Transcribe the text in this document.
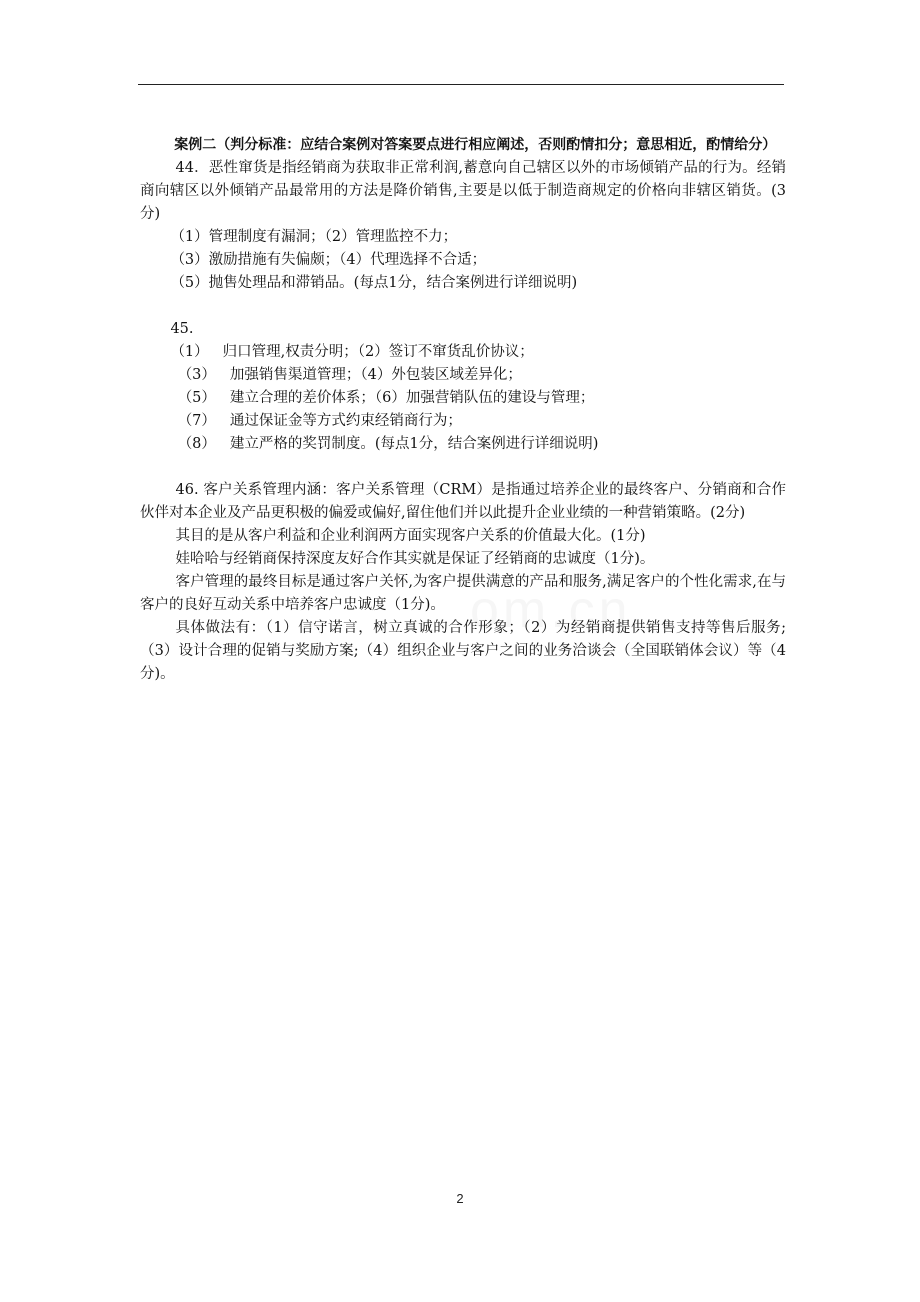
om.cn

案例二（判分标准：应结合案例对答案要点进行相应阐述，否则酌情扣分；意思相近，酌情给分）

44．恶性窜货是指经销商为获取非正常利润,蓄意向自己辖区以外的市场倾销产品的行为。经销商向辖区以外倾销产品最常用的方法是降价销售,主要是以低于制造商规定的价格向非辖区销货。(3分)

（1）管理制度有漏洞；（2）管理监控不力；

（3）激励措施有失偏颇；（4）代理选择不合适；

（5）抛售处理品和滞销品。(每点1分，结合案例进行详细说明)

45. （1） 归口管理,权责分明；（2）签订不窜货乱价协议；

（3） 加强销售渠道管理；（4）外包装区域差异化；

（5） 建立合理的差价体系；（6）加强营销队伍的建设与管理；

（7） 通过保证金等方式约束经销商行为；

（8） 建立严格的奖罚制度。(每点1分，结合案例进行详细说明)

46. 客户关系管理内涵：客户关系管理（CRM）是指通过培养企业的最终客户、分销商和合作伙伴对本企业及产品更积极的偏爱或偏好,留住他们并以此提升企业业绩的一种营销策略。(2分)

其目的是从客户利益和企业利润两方面实现客户关系的价值最大化。(1分)

娃哈哈与经销商保持深度友好合作其实就是保证了经销商的忠诚度（1分)。

客户管理的最终目标是通过客户关怀,为客户提供满意的产品和服务,满足客户的个性化需求,在与客户的良好互动关系中培养客户忠诚度（1分)。

具体做法有：（1）信守诺言，树立真诚的合作形象；（2）为经销商提供销售支持等售后服务;（3）设计合理的促销与奖励方案;（4）组织企业与客户之间的业务洽谈会（全国联销体会议）等（4分)。

2
